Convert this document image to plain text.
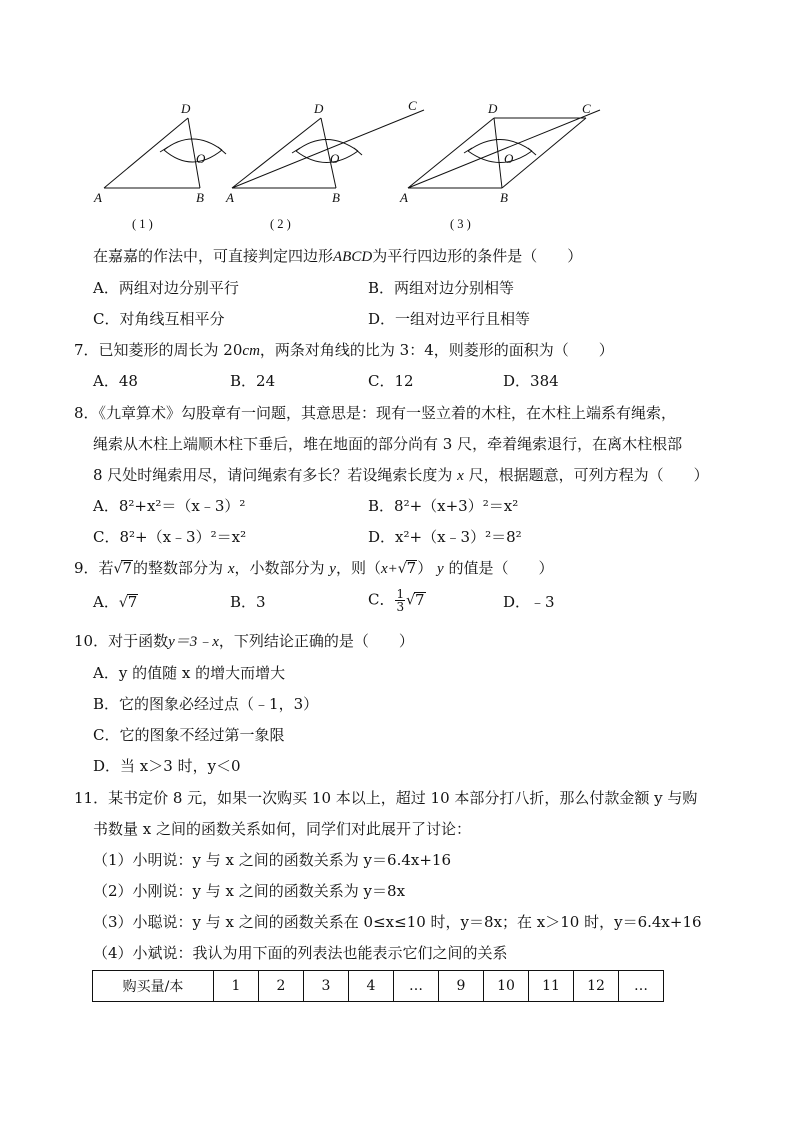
D
A	B
O
D
A	B
C
O
D
A	B
C
O
( 1 )	( 2 )	( 3 )
在嘉嘉的作法中，可直接判定四边形ABCD为平行四边形的条件是（　　）
A．两组对边分别平行	B．两组对边分别相等
C．对角线互相平分	D．一组对边平行且相等
7．已知菱形的周长为 20cm，两条对角线的比为 3：4，则菱形的面积为（　　）
A．48	B．24	C．12	D．384
8．《九章算术》勾股章有一问题，其意思是：现有一竖立着的木柱，在木柱上端系有绳索，
绳索从木柱上端顺木柱下垂后，堆在地面的部分尚有 3 尺，牵着绳索退行，在离木柱根部
8 尺处时绳索用尽，请问绳索有多长？若设绳索长度为 x 尺，根据题意，可列方程为（　　）
A．8²+x²＝（x﹣3）²	B．8²+（x+3）²＝x²
C．8²+（x﹣3）²＝x²	D．x²+（x﹣3）²＝8²
9．若√7的整数部分为 x，小数部分为 y，则（x+√7） y 的值是（　　）
A．√7	B．3	C． $\frac{1}{3} √7$	D．﹣3
10．对于函数y＝3﹣x，下列结论正确的是（　　）
A．y 的值随 x 的增大而增大
B．它的图象必经过点（﹣1，3）
C．它的图象不经过第一象限
D．当 x＞3 时，y＜0
11．某书定价 8 元，如果一次购买 10 本以上，超过 10 本部分打八折，那么付款金额 y 与购
书数量 x 之间的函数关系如何，同学们对此展开了讨论：
（1）小明说：y 与 x 之间的函数关系为 y＝6.4x+16
（2）小刚说：y 与 x 之间的函数关系为 y＝8x
（3）小聪说：y 与 x 之间的函数关系在 0≤x≤10 时，y＝8x；在 x＞10 时，y＝6.4x+16
（4）小斌说：我认为用下面的列表法也能表示它们之间的关系
购买量/本	1	2	3	4	…	9	10	11	12	…
